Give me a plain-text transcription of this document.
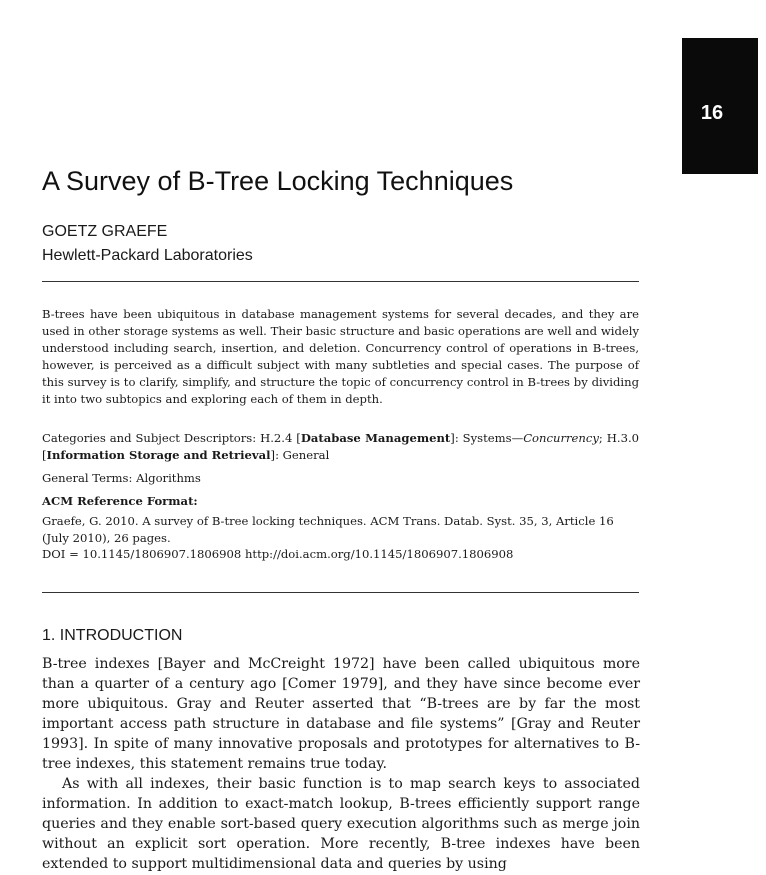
16
A Survey of B-Tree Locking Techniques
GOETZ GRAEFE
Hewlett-Packard Laboratories
B-trees have been ubiquitous in database management systems for several decades, and they are used in other storage systems as well. Their basic structure and basic operations are well and widely understood including search, insertion, and deletion. Concurrency control of operations in B-trees, however, is perceived as a difficult subject with many subtleties and special cases. The purpose of this survey is to clarify, simplify, and structure the topic of concurrency control in B-trees by dividing it into two subtopics and exploring each of them in depth.
Categories and Subject Descriptors: H.2.4 [Database Management]: Systems—Concurrency; H.3.0 [Information Storage and Retrieval]: General
General Terms: Algorithms
ACM Reference Format:
Graefe, G. 2010. A survey of B-tree locking techniques. ACM Trans. Datab. Syst. 35, 3, Article 16 (July 2010), 26 pages.
DOI = 10.1145/1806907.1806908 http://doi.acm.org/10.1145/1806907.1806908
1. INTRODUCTION

B-tree indexes [Bayer and McCreight 1972] have been called ubiquitous more than a quarter of a century ago [Comer 1979], and they have since become ever more ubiquitous. Gray and Reuter asserted that “B-trees are by far the most important access path structure in database and file systems” [Gray and Reuter 1993]. In spite of many innovative proposals and prototypes for alternatives to B-tree indexes, this statement remains true today.

As with all indexes, their basic function is to map search keys to associated information. In addition to exact-match lookup, B-trees efficiently support range queries and they enable sort-based query execution algorithms such as merge join without an explicit sort operation. More recently, B-tree indexes have been extended to support multidimensional data and queries by using
